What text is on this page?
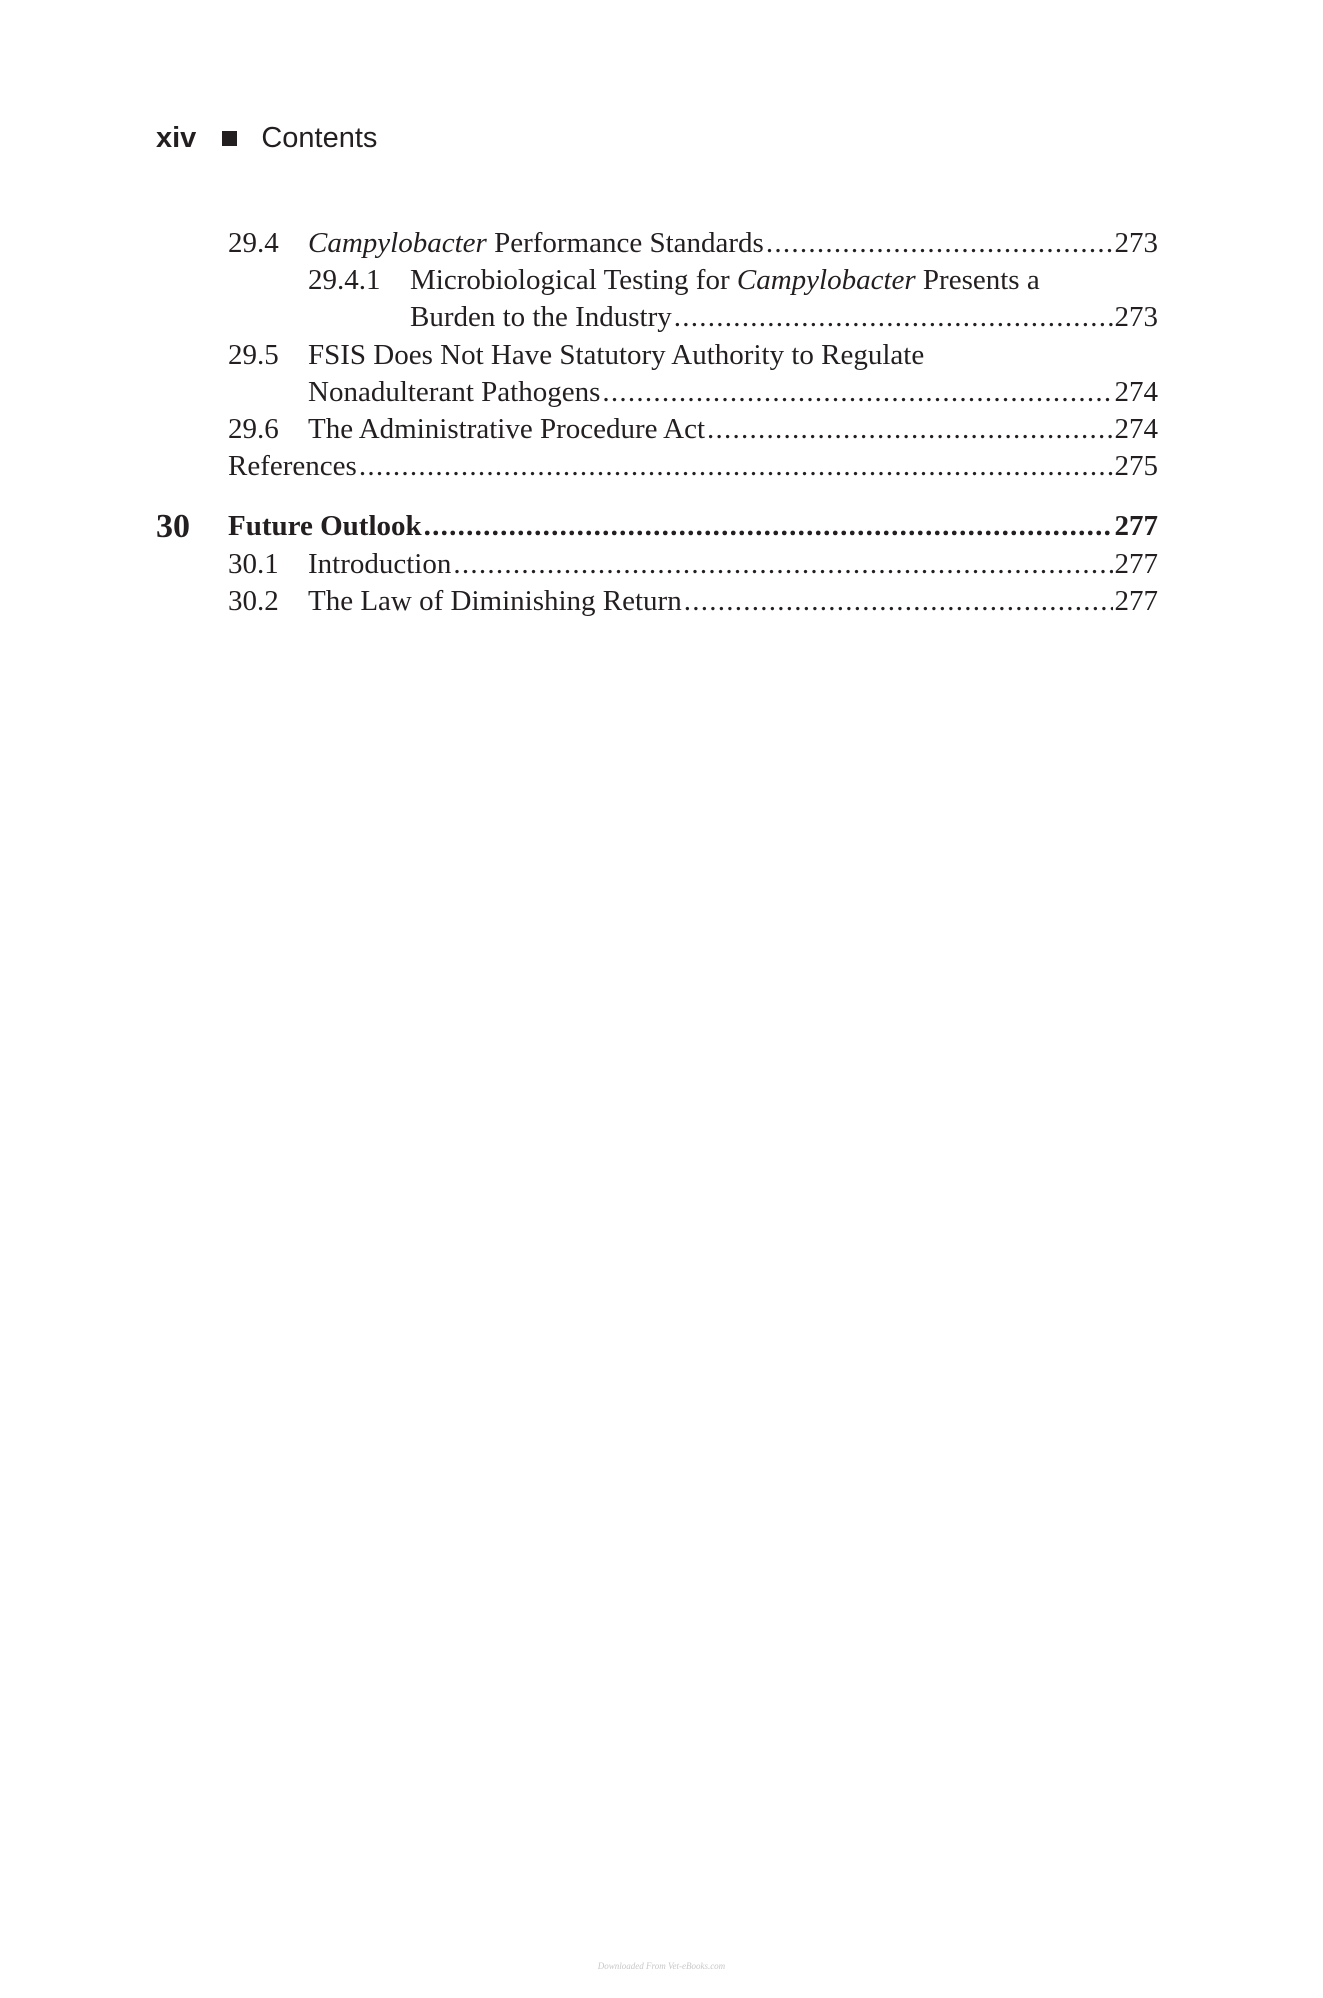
xiv Contents
29.4 Campylobacter Performance Standards . . .	273
29.4.1 Microbiological Testing for Campylobacter Presents a
Burden to the Industry . . .	273
29.5 FSIS Does Not Have Statutory Authority to Regulate
Nonadulterant Pathogens . . .	274
29.6 The Administrative Procedure Act . . .	274
References . . .	275
30 Future Outlook . . .	277
30.1 Introduction . . .	277
30.2 The Law of Diminishing Return . . .	277
Downloaded From Vet-eBooks.com
